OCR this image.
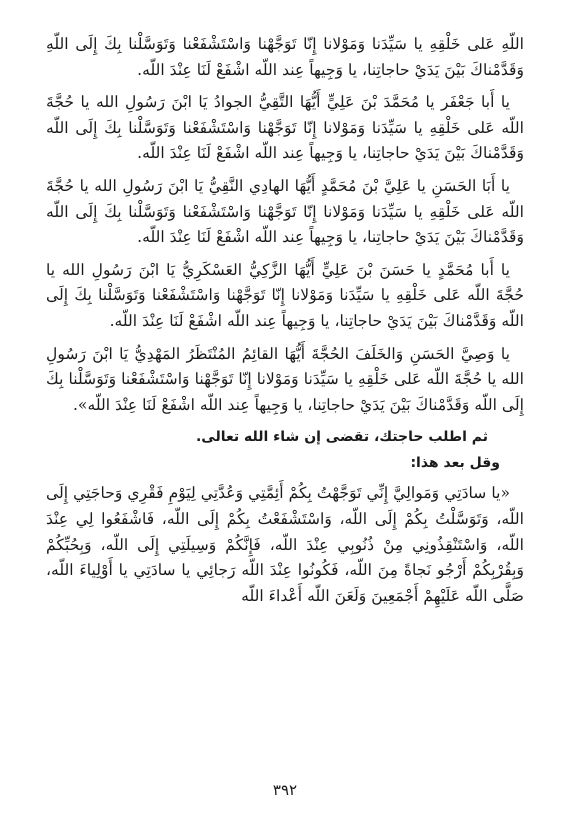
اللّهِ عَلى خَلْقِهِ يا سَيِّدَنا وَمَوْلانا إِنّا تَوَجَّهْنا وَاسْتَشْفَعْنا وَتَوَسَّلْنا بِكَ إِلَى اللّهِ وَقَدَّمْناكَ بَيْنَ يَدَيْ حاجاتِنا، يا وَجِيهاً عِند اللّه اشْفَعْ لَنَا عِنْدَ اللّه.

يا أَبا جَعْفَر يا مُحَمَّدَ بْنَ عَلِيٍّ أَيُّهَا التَّقِيُّ الجوادُ يَا ابْنَ رَسُولِ الله يا حُجَّةَ اللّه عَلى خَلْقِهِ يا سَيِّدَنا وَمَوْلانا إِنّا تَوَجَّهْنا وَاسْتَشْفَعْنا وَتَوَسَّلْنا بِكَ إِلَى اللّه وَقَدَّمْناكَ بَيْنَ يَدَيْ حاجاتِنا، يا وَجِيهاً عِند اللّه اشْفَعْ لَنَا عِنْدَ اللّه.

يا أَبَا الحَسَنِ يا عَلِيَّ بْنَ مُحَمَّدٍ أَيُّهَا الهادِي النَّقِيُّ يَا ابْنَ رَسُولِ الله يا حُجَّةَ اللّه عَلى خَلْقِهِ يا سَيِّدَنا وَمَوْلانا إِنّا تَوَجَّهْنا وَاسْتَشْفَعْنا وَتَوَسَّلْنا بِكَ إِلَى اللّه وَقَدَّمْناكَ بَيْنَ يَدَيْ حاجاتِنا، يا وَجِيهاً عِند اللّه اشْفَعْ لَنَا عِنْدَ اللّه.

يا أَبا مُحَمَّدٍ يا حَسَنَ بْنَ عَلِيٍّ أَيُّهَا الزَّكِيُّ العَسْكَرِيُّ يَا ابْنَ رَسُولِ الله يا حُجَّةَ اللّه عَلى خَلْقِهِ يا سَيِّدَنا وَمَوْلانا إِنّا تَوَجَّهْنا وَاسْتَشْفَعْنا وَتَوَسَّلْنا بِكَ إِلَى اللّه وَقَدَّمْناكَ بَيْنَ يَدَيْ حاجاتِنا، يا وَجِيهاً عِند اللّه اشْفَعْ لَنَا عِنْدَ اللّه.

يا وَصِيَّ الحَسَنِ وَالخَلَفَ الحُجَّةَ أَيُّهَا القائِمُ المُنْتَظَرُ المَهْدِيُّ يَا ابْنَ رَسُولِ الله يا حُجَّةَ اللّه عَلى خَلْقِهِ يا سَيِّدَنا وَمَوْلانا إِنّا تَوَجَّهْنا وَاسْتَشْفَعْنا وَتَوَسَّلْنا بِكَ إِلَى اللّه وَقَدَّمْناكَ بَيْنَ يَدَيْ حاجاتِنا، يا وَجِيهاً عِند اللّه اشْفَعْ لَنَا عِنْدَ اللّه».

ثم اطلب حاجتك، تقضى إن شاء الله تعالى.
وقل بعد هذا:

«يا سادَتِي وَمَوالِيَّ إِنِّي تَوَجَّهْتُ بِكُمْ أَئِمَّتِي وَعُدَّتِي لِيَوْمِ فَقْرِي وَحاجَتِي إِلَى اللّه، وَتَوَسَّلْتُ بِكُمْ إِلَى اللّه، وَاسْتَشْفَعْتُ بِكُمْ إِلَى اللّه، فَاشْفَعُوا لِي عِنْدَ اللّه، وَاسْتَنْقِذُونِي مِنْ ذُنُوبِي عِنْدَ اللّه، فَإِنَّكُمْ وَسِيلَتِي إِلَى اللّه، وَبِحُبِّكُمْ وَبِقُرْبِكُمْ أَرْجُو نَجاةً مِنَ اللّه، فَكُونُوا عِنْدَ اللّه رَجائِي يا سادَتِي يا أَوْلِياءَ اللّه، صَلَّى اللّه عَلَيْهِمْ أَجْمَعِينَ وَلَعَنَ اللّه أَعْداءَ اللّه

٣٩٢
